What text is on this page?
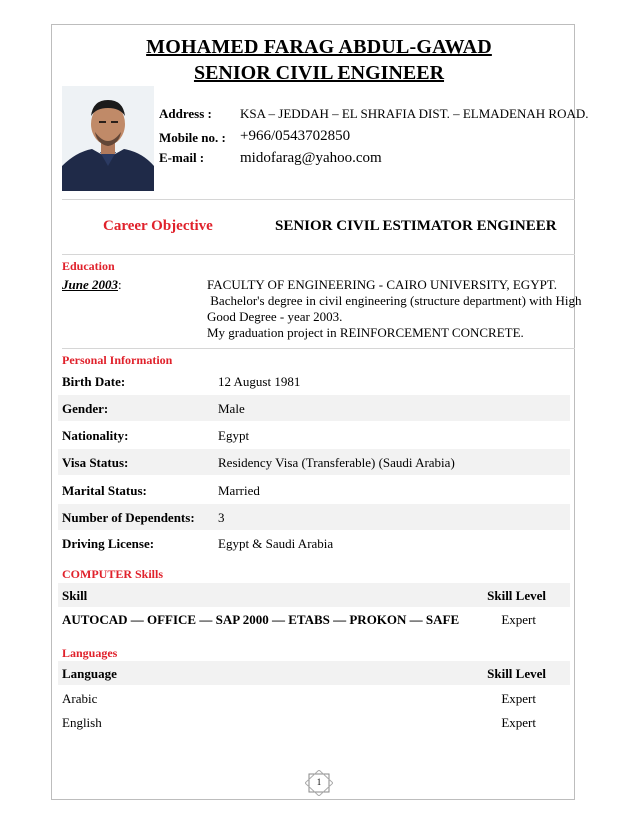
MOHAMED FARAG ABDUL-GAWAD
SENIOR CIVIL ENGINEER
Address : KSA – JEDDAH – EL SHRAFIA DIST. – ELMADENAH ROAD.
Mobile no. : +966/0543702850
E-mail : midofarag@yahoo.com
Career Objective	SENIOR CIVIL ESTIMATOR ENGINEER
Education
June 2003:	FACULTY OF ENGINEERING - CAIRO UNIVERSITY, EGYPT.
Bachelor's degree in civil engineering (structure department) with High
Good Degree - year 2003.
My graduation project in REINFORCEMENT CONCRETE.
Personal Information
Birth Date:	12 August 1981
Gender:	Male
Nationality:	Egypt
Visa Status:	Residency Visa (Transferable) (Saudi Arabia)
Marital Status:	Married
Number of Dependents: 3
Driving License:	Egypt & Saudi Arabia
COMPUTER Skills
Skill	Skill Level
AUTOCAD — OFFICE — SAP 2000 — ETABS — PROKON — SAFE	Expert
Languages
Language	Skill Level
Arabic	Expert
English	Expert
1
